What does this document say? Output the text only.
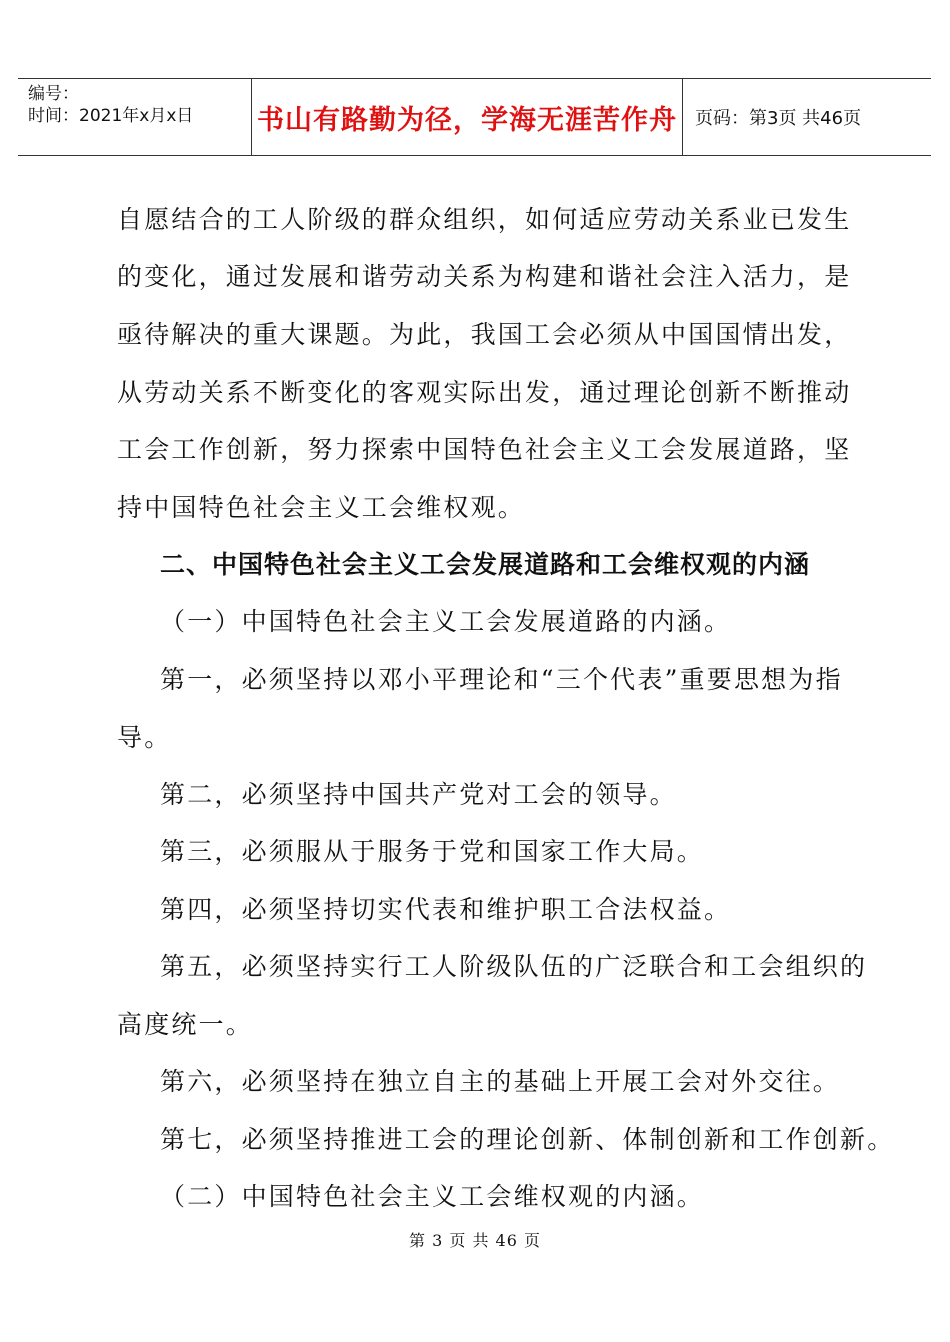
编号：
时间：2021年x月x日	书山有路勤为径，学海无涯苦作舟	页码：第3页 共46页
自愿结合的工人阶级的群众组织，如何适应劳动关系业已发生
的变化，通过发展和谐劳动关系为构建和谐社会注入活力，是
亟待解决的重大课题。为此，我国工会必须从中国国情出发，
从劳动关系不断变化的客观实际出发，通过理论创新不断推动
工会工作创新，努力探索中国特色社会主义工会发展道路，坚
持中国特色社会主义工会维权观。
二、中国特色社会主义工会发展道路和工会维权观的内涵
（一）中国特色社会主义工会发展道路的内涵。
第一，必须坚持以邓小平理论和“三个代表”重要思想为指
导。
第二，必须坚持中国共产党对工会的领导。
第三，必须服从于服务于党和国家工作大局。
第四，必须坚持切实代表和维护职工合法权益。
第五，必须坚持实行工人阶级队伍的广泛联合和工会组织的
高度统一。
第六，必须坚持在独立自主的基础上开展工会对外交往。
第七，必须坚持推进工会的理论创新、体制创新和工作创新。
（二）中国特色社会主义工会维权观的内涵。
第 3 页 共 46 页
